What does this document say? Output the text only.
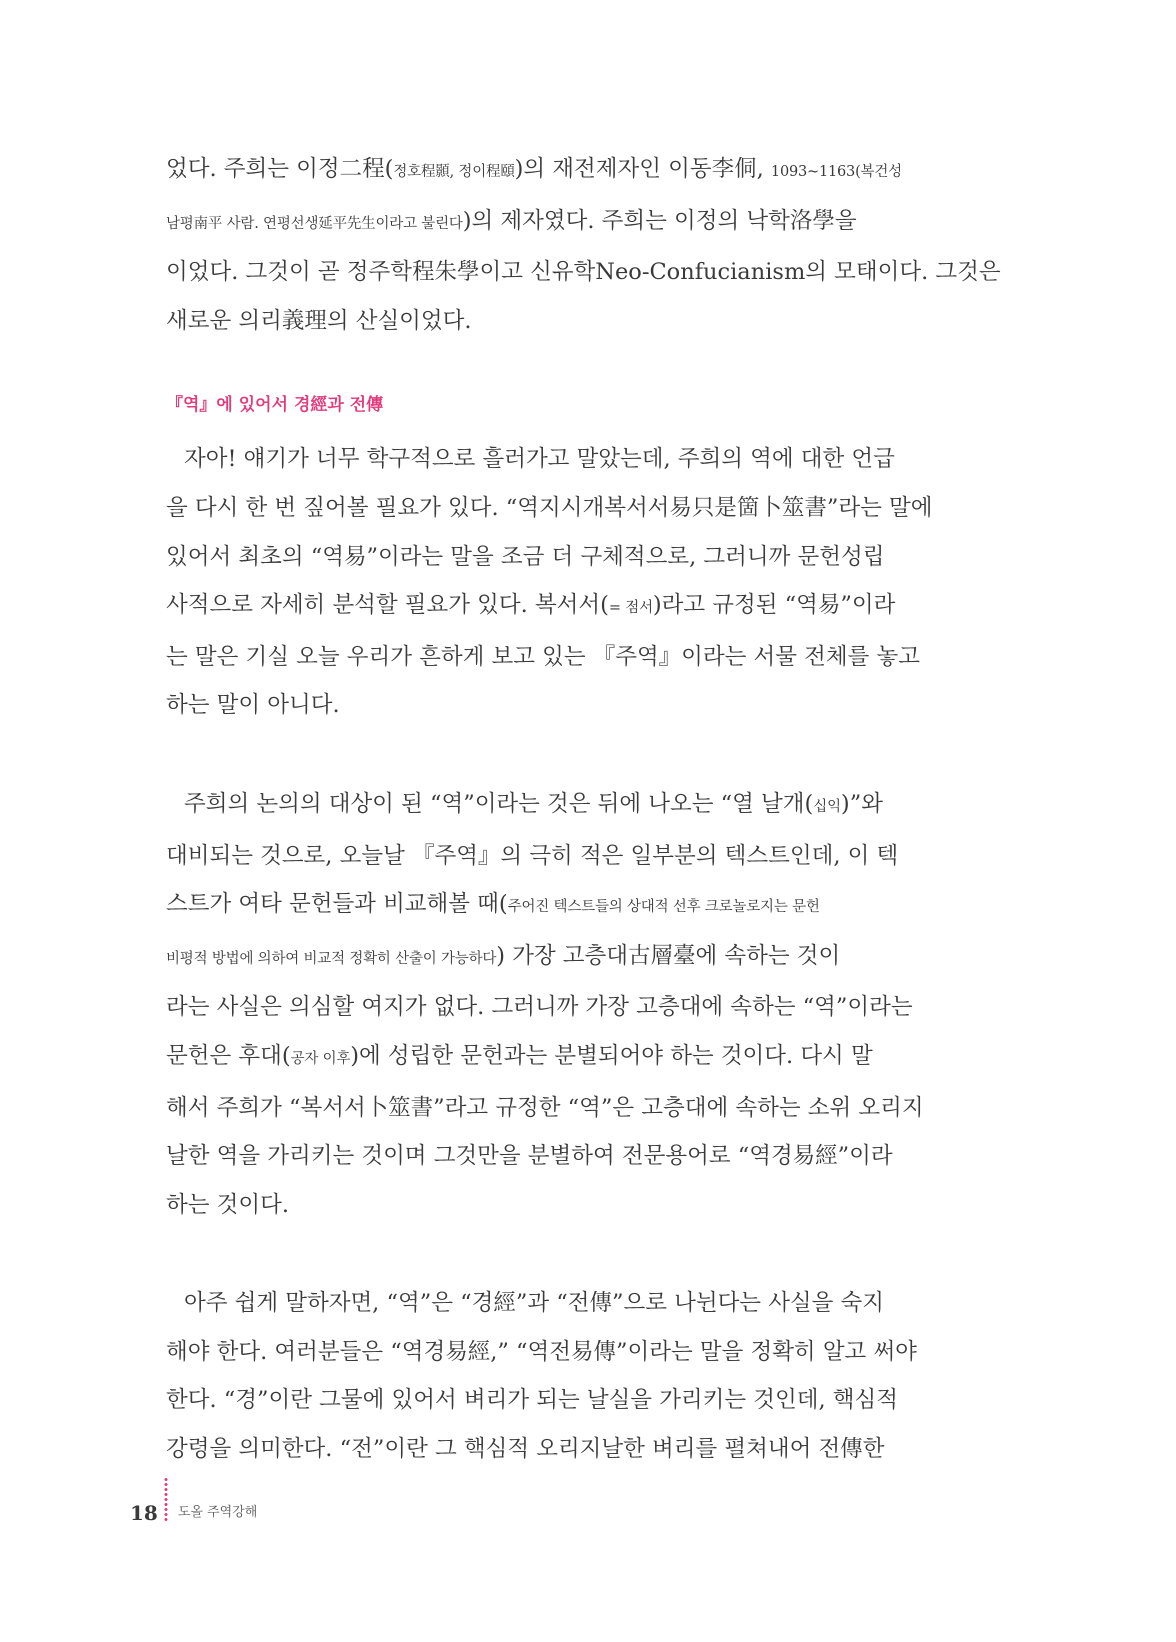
었다. 주희는 이정二程(정호程顥, 정이程頤)의 재전제자인 이동李侗, 1093~1163(복건성
남평南平 사람. 연평선생延平先生이라고 불린다)의 제자였다. 주희는 이정의 낙학洛學을
이었다. 그것이 곧 정주학程朱學이고 신유학Neo-Confucianism의 모태이다. 그것은
새로운 의리義理의 산실이었다.
『역』에 있어서 경經과 전傳
자아! 얘기가 너무 학구적으로 흘러가고 말았는데, 주희의 역에 대한 언급
을 다시 한 번 짚어볼 필요가 있다. “역지시개복서서易只是箇卜筮書”라는 말에
있어서 최초의 “역易”이라는 말을 조금 더 구체적으로, 그러니까 문헌성립
사적으로 자세히 분석할 필요가 있다. 복서서(= 점서)라고 규정된 “역易”이라
는 말은 기실 오늘 우리가 흔하게 보고 있는 『주역』이라는 서물 전체를 놓고
하는 말이 아니다.
주희의 논의의 대상이 된 “역”이라는 것은 뒤에 나오는 “열 날개(십익)”와
대비되는 것으로, 오늘날 『주역』의 극히 적은 일부분의 텍스트인데, 이 텍
스트가 여타 문헌들과 비교해볼 때(주어진 텍스트들의 상대적 선후 크로놀로지는 문헌
비평적 방법에 의하여 비교적 정확히 산출이 가능하다) 가장 고층대古層臺에 속하는 것이
라는 사실은 의심할 여지가 없다. 그러니까 가장 고층대에 속하는 “역”이라는
문헌은 후대(공자 이후)에 성립한 문헌과는 분별되어야 하는 것이다. 다시 말
해서 주희가 “복서서卜筮書”라고 규정한 “역”은 고층대에 속하는 소위 오리지
날한 역을 가리키는 것이며 그것만을 분별하여 전문용어로 “역경易經”이라
하는 것이다.
아주 쉽게 말하자면, “역”은 “경經”과 “전傳”으로 나뉜다는 사실을 숙지
해야 한다. 여러분들은 “역경易經,” “역전易傳”이라는 말을 정확히 알고 써야
한다. “경”이란 그물에 있어서 벼리가 되는 날실을 가리키는 것인데, 핵심적
강령을 의미한다. “전”이란 그 핵심적 오리지날한 벼리를 펼쳐내어 전傳한
18 도올 주역강해
